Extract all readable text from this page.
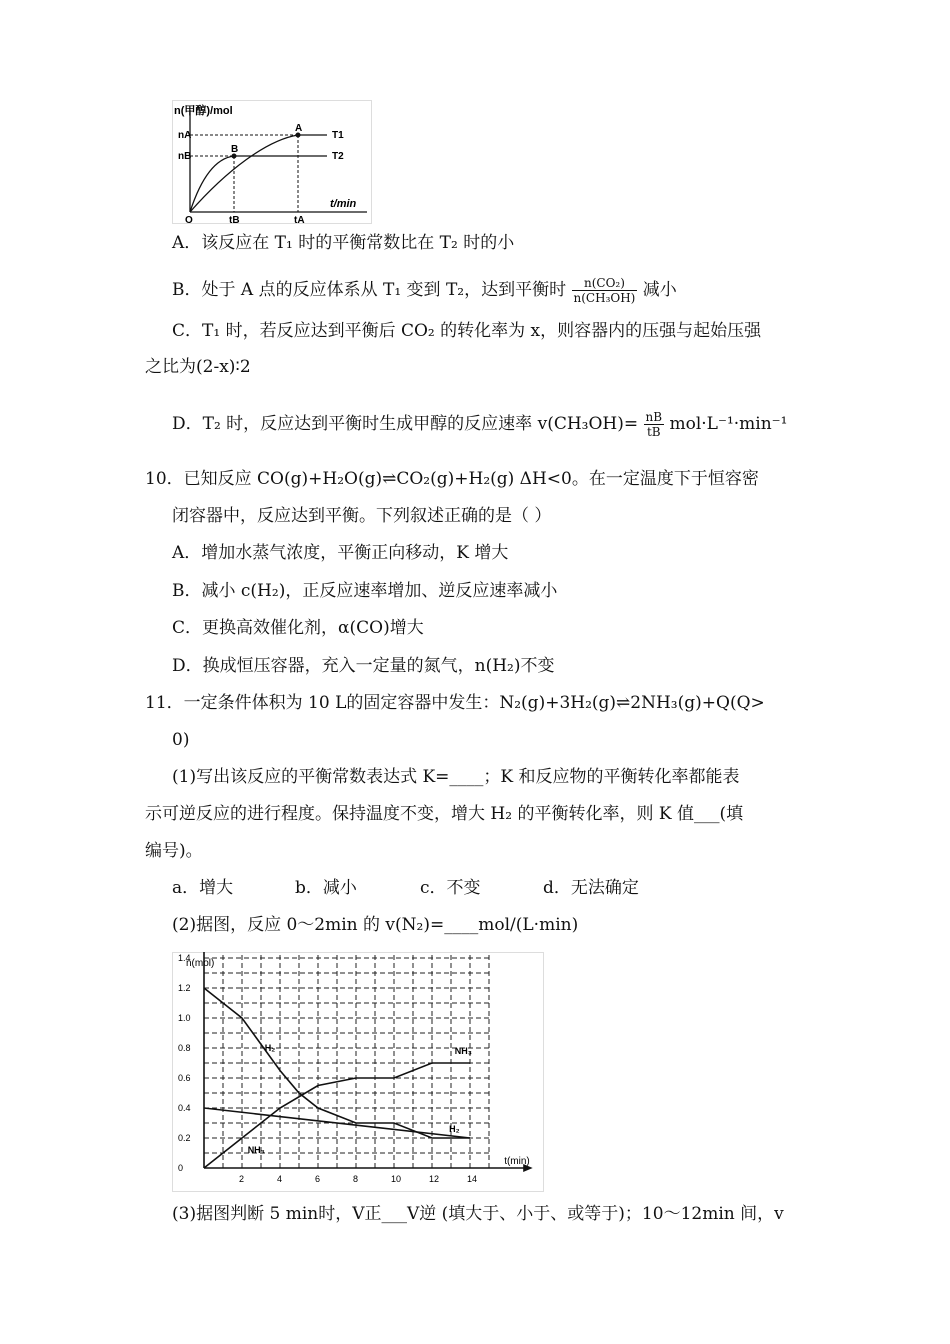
n(甲醇)/mol
t/min
nA
nB
O	tB	tA
A
B
T1
T2
A．该反应在 T₁ 时的平衡常数比在 T₂ 时的小
B．处于 A 点的反应体系从 T₁ 变到 T₂，达到平衡时 $\frac{\text{n(CO₂)}}{\text{n(CH₃OH)}}$ 减小
C．T₁ 时，若反应达到平衡后 CO₂ 的转化率为 x，则容器内的压强与起始压强
之比为(2-x)∶2
D．T₂ 时，反应达到平衡时生成甲醇的反应速率 $v(CH_3OH)= \frac{nB}{tB} mol\cdot L^{-1}\cdot\min^{-1}$
10．已知反应 CO(g)+H₂O(g)⇌CO₂(g)+H₂(g) ΔH<0。在一定温度下于恒容密
闭容器中，反应达到平衡。下列叙述正确的是（ ）
A．增加水蒸气浓度，平衡正向移动，K 增大
B．减小 c(H₂)，正反应速率增加、逆反应速率减小
C．更换高效催化剂，α(CO)增大
D．换成恒压容器，充入一定量的氮气，n(H₂)不变
11．一定条件体积为 10 L的固定容器中发生：N₂(g)+3H₂(g)⇌2NH₃(g)+Q(Q>
0)
(1)写出该反应的平衡常数表达式 K=____；K 和反应物的平衡转化率都能表
示可逆反应的进行程度。保持温度不变，增大 H₂ 的平衡转化率，则 K 值___(填
编号)。
a．增大	b．减小	c．不变	d．无法确定
(2)据图，反应 0～2min 的 v(N₂)=____mol/(L·min)
n(mol)
t(min)
0
0.2
0.4
0.6
0.8
1.0
1.2
1.4
2	4	6	8	10	12	14
H₂
NH₃
NH₃
H₂
(3)据图判断 5 min时，V正___V逆 (填大于、小于、或等于)；10～12min 间，v
